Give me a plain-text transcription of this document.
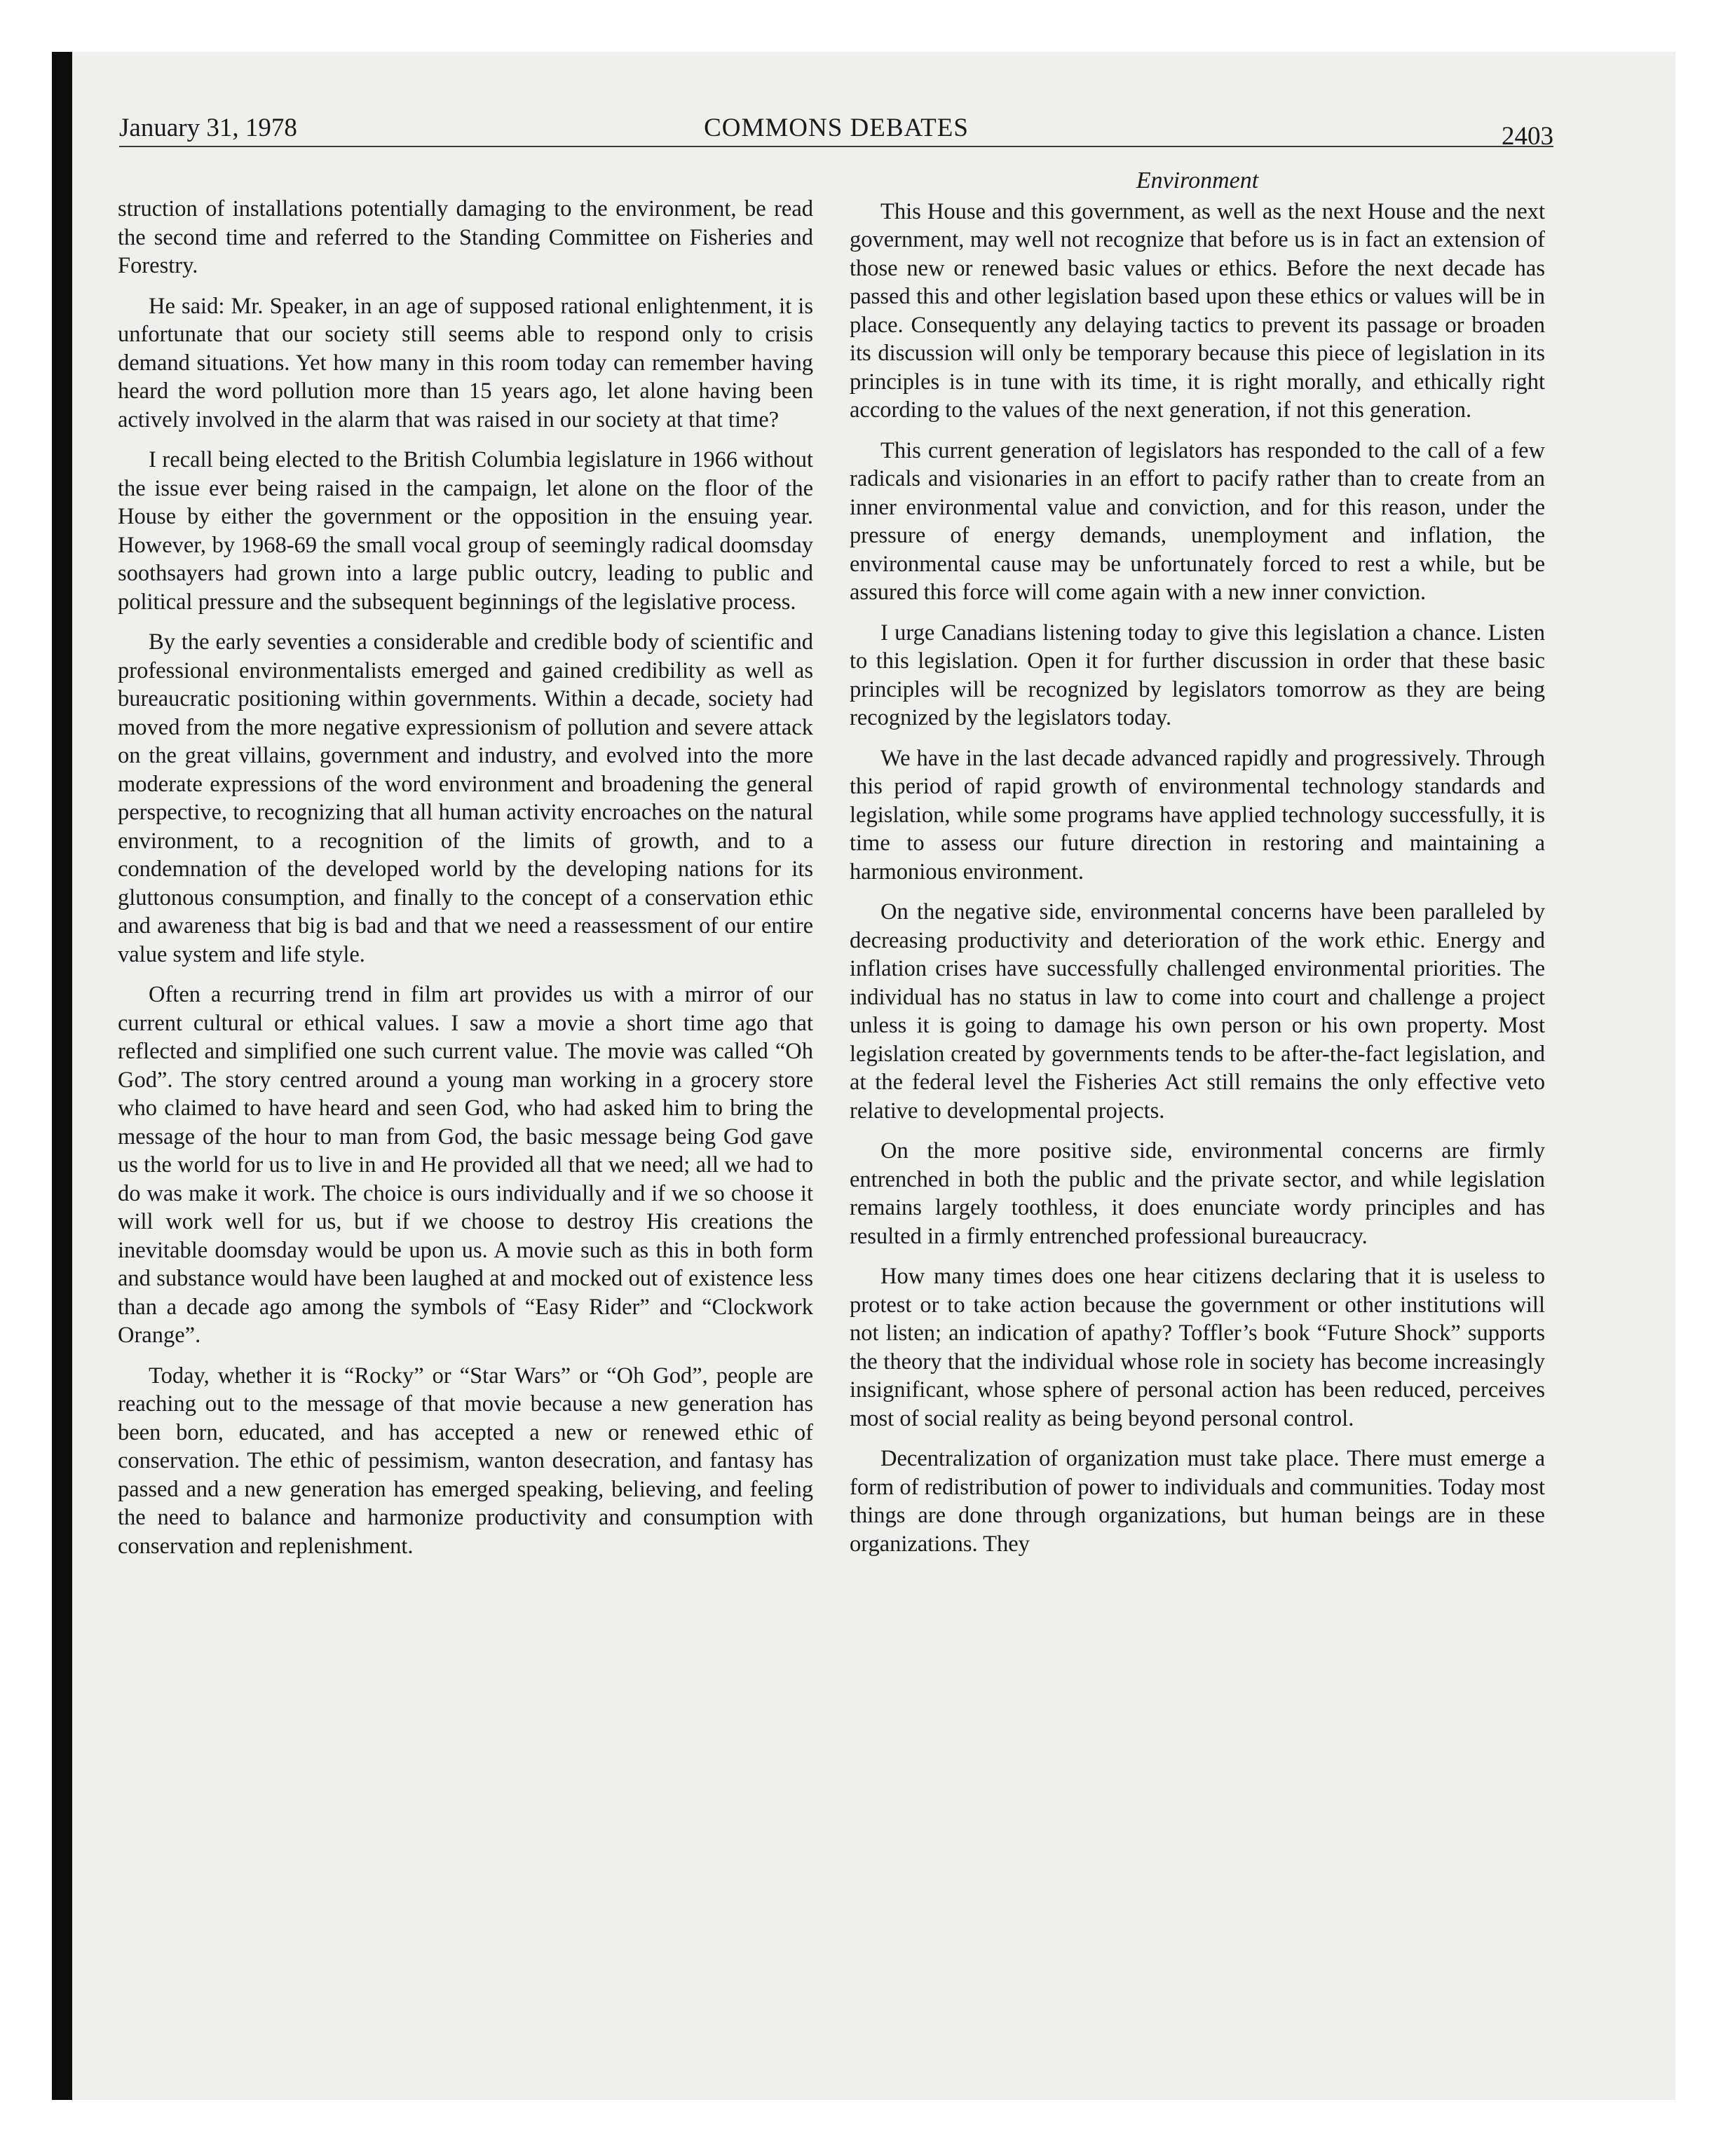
January 31, 1978	COMMONS DEBATES	2403

struction of installations potentially damaging to the environment, be read the second time and referred to the Standing Committee on Fisheries and Forestry.

He said: Mr. Speaker, in an age of supposed rational enlightenment, it is unfortunate that our society still seems able to respond only to crisis demand situations. Yet how many in this room today can remember having heard the word pollution more than 15 years ago, let alone having been actively involved in the alarm that was raised in our society at that time?

I recall being elected to the British Columbia legislature in 1966 without the issue ever being raised in the campaign, let alone on the floor of the House by either the government or the opposition in the ensuing year. However, by 1968-69 the small vocal group of seemingly radical doomsday soothsayers had grown into a large public outcry, leading to public and political pressure and the subsequent beginnings of the legislative process.

By the early seventies a considerable and credible body of scientific and professional environmentalists emerged and gained credibility as well as bureaucratic positioning within governments. Within a decade, society had moved from the more negative expressionism of pollution and severe attack on the great villains, government and industry, and evolved into the more moderate expressions of the word environment and broadening the general perspective, to recognizing that all human activity encroaches on the natural environment, to a recognition of the limits of growth, and to a condemnation of the developed world by the developing nations for its gluttonous consumption, and finally to the concept of a conservation ethic and awareness that big is bad and that we need a reassessment of our entire value system and life style.

Often a recurring trend in film art provides us with a mirror of our current cultural or ethical values. I saw a movie a short time ago that reflected and simplified one such current value. The movie was called “Oh God”. The story centred around a young man working in a grocery store who claimed to have heard and seen God, who had asked him to bring the message of the hour to man from God, the basic message being God gave us the world for us to live in and He provided all that we need; all we had to do was make it work. The choice is ours individually and if we so choose it will work well for us, but if we choose to destroy His creations the inevitable doomsday would be upon us. A movie such as this in both form and substance would have been laughed at and mocked out of existence less than a decade ago among the symbols of “Easy Rider” and “Clockwork Orange”.

Today, whether it is “Rocky” or “Star Wars” or “Oh God”, people are reaching out to the message of that movie because a new generation has been born, educated, and has accepted a new or renewed ethic of conservation. The ethic of pessimism, wanton desecration, and fantasy has passed and a new generation has emerged speaking, believing, and feeling the need to balance and harmonize productivity and consumption with conservation and replenishment.

Environment

This House and this government, as well as the next House and the next government, may well not recognize that before us is in fact an extension of those new or renewed basic values or ethics. Before the next decade has passed this and other legislation based upon these ethics or values will be in place. Consequently any delaying tactics to prevent its passage or broaden its discussion will only be temporary because this piece of legislation in its principles is in tune with its time, it is right morally, and ethically right according to the values of the next generation, if not this generation.

This current generation of legislators has responded to the call of a few radicals and visionaries in an effort to pacify rather than to create from an inner environmental value and conviction, and for this reason, under the pressure of energy demands, unemployment and inflation, the environmental cause may be unfortunately forced to rest a while, but be assured this force will come again with a new inner conviction.

I urge Canadians listening today to give this legislation a chance. Listen to this legislation. Open it for further discussion in order that these basic principles will be recognized by legislators tomorrow as they are being recognized by the legislators today.

We have in the last decade advanced rapidly and progressively. Through this period of rapid growth of environmental technology standards and legislation, while some programs have applied technology successfully, it is time to assess our future direction in restoring and maintaining a harmonious environment.

On the negative side, environmental concerns have been paralleled by decreasing productivity and deterioration of the work ethic. Energy and inflation crises have successfully challenged environmental priorities. The individual has no status in law to come into court and challenge a project unless it is going to damage his own person or his own property. Most legislation created by governments tends to be after-the-fact legislation, and at the federal level the Fisheries Act still remains the only effective veto relative to developmental projects.

On the more positive side, environmental concerns are firmly entrenched in both the public and the private sector, and while legislation remains largely toothless, it does enunciate wordy principles and has resulted in a firmly entrenched professional bureaucracy.

How many times does one hear citizens declaring that it is useless to protest or to take action because the government or other institutions will not listen; an indication of apathy? Toffler’s book “Future Shock” supports the theory that the individual whose role in society has become increasingly insignificant, whose sphere of personal action has been reduced, perceives most of social reality as being beyond personal control.

Decentralization of organization must take place. There must emerge a form of redistribution of power to individuals and communities. Today most things are done through organizations, but human beings are in these organizations. They
